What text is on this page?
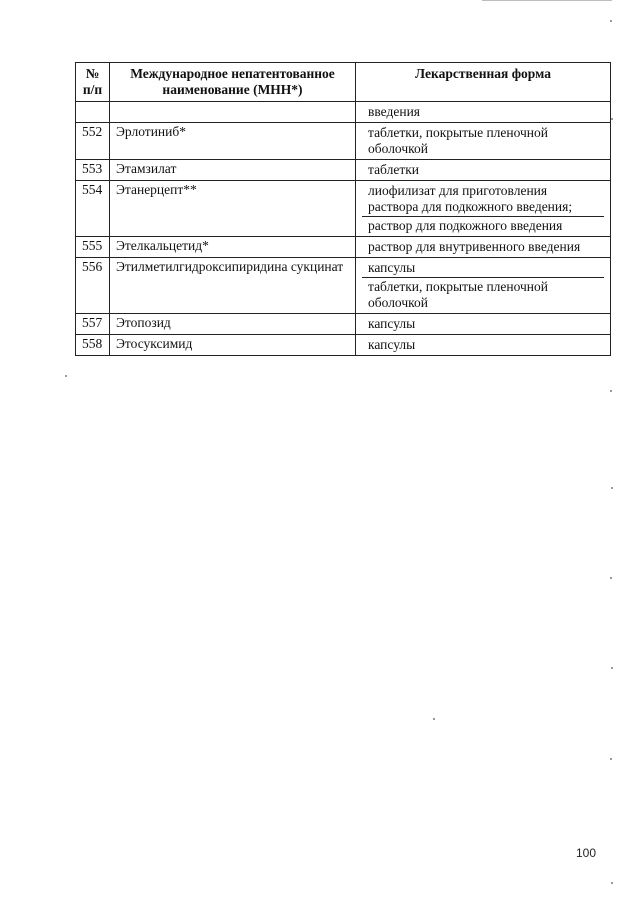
№ п/п	Международное непатентованное наименование (МНН*)	Лекарственная форма

		введения

552	Эрлотиниб*	таблетки, покрытые пленочной оболочкой

553	Этамзилат	таблетки

554	Этанерцепт**	лиофилизат для приготовления раствора для подкожного введения;
раствор для подкожного введения

555	Этелкальцетид*	раствор для внутривенного введения

556	Этилметилгидроксипиридина сукцинат	капсулы
таблетки, покрытые пленочной оболочкой

557	Этопозид	капсулы

558	Этосуксимид	капсулы
100
